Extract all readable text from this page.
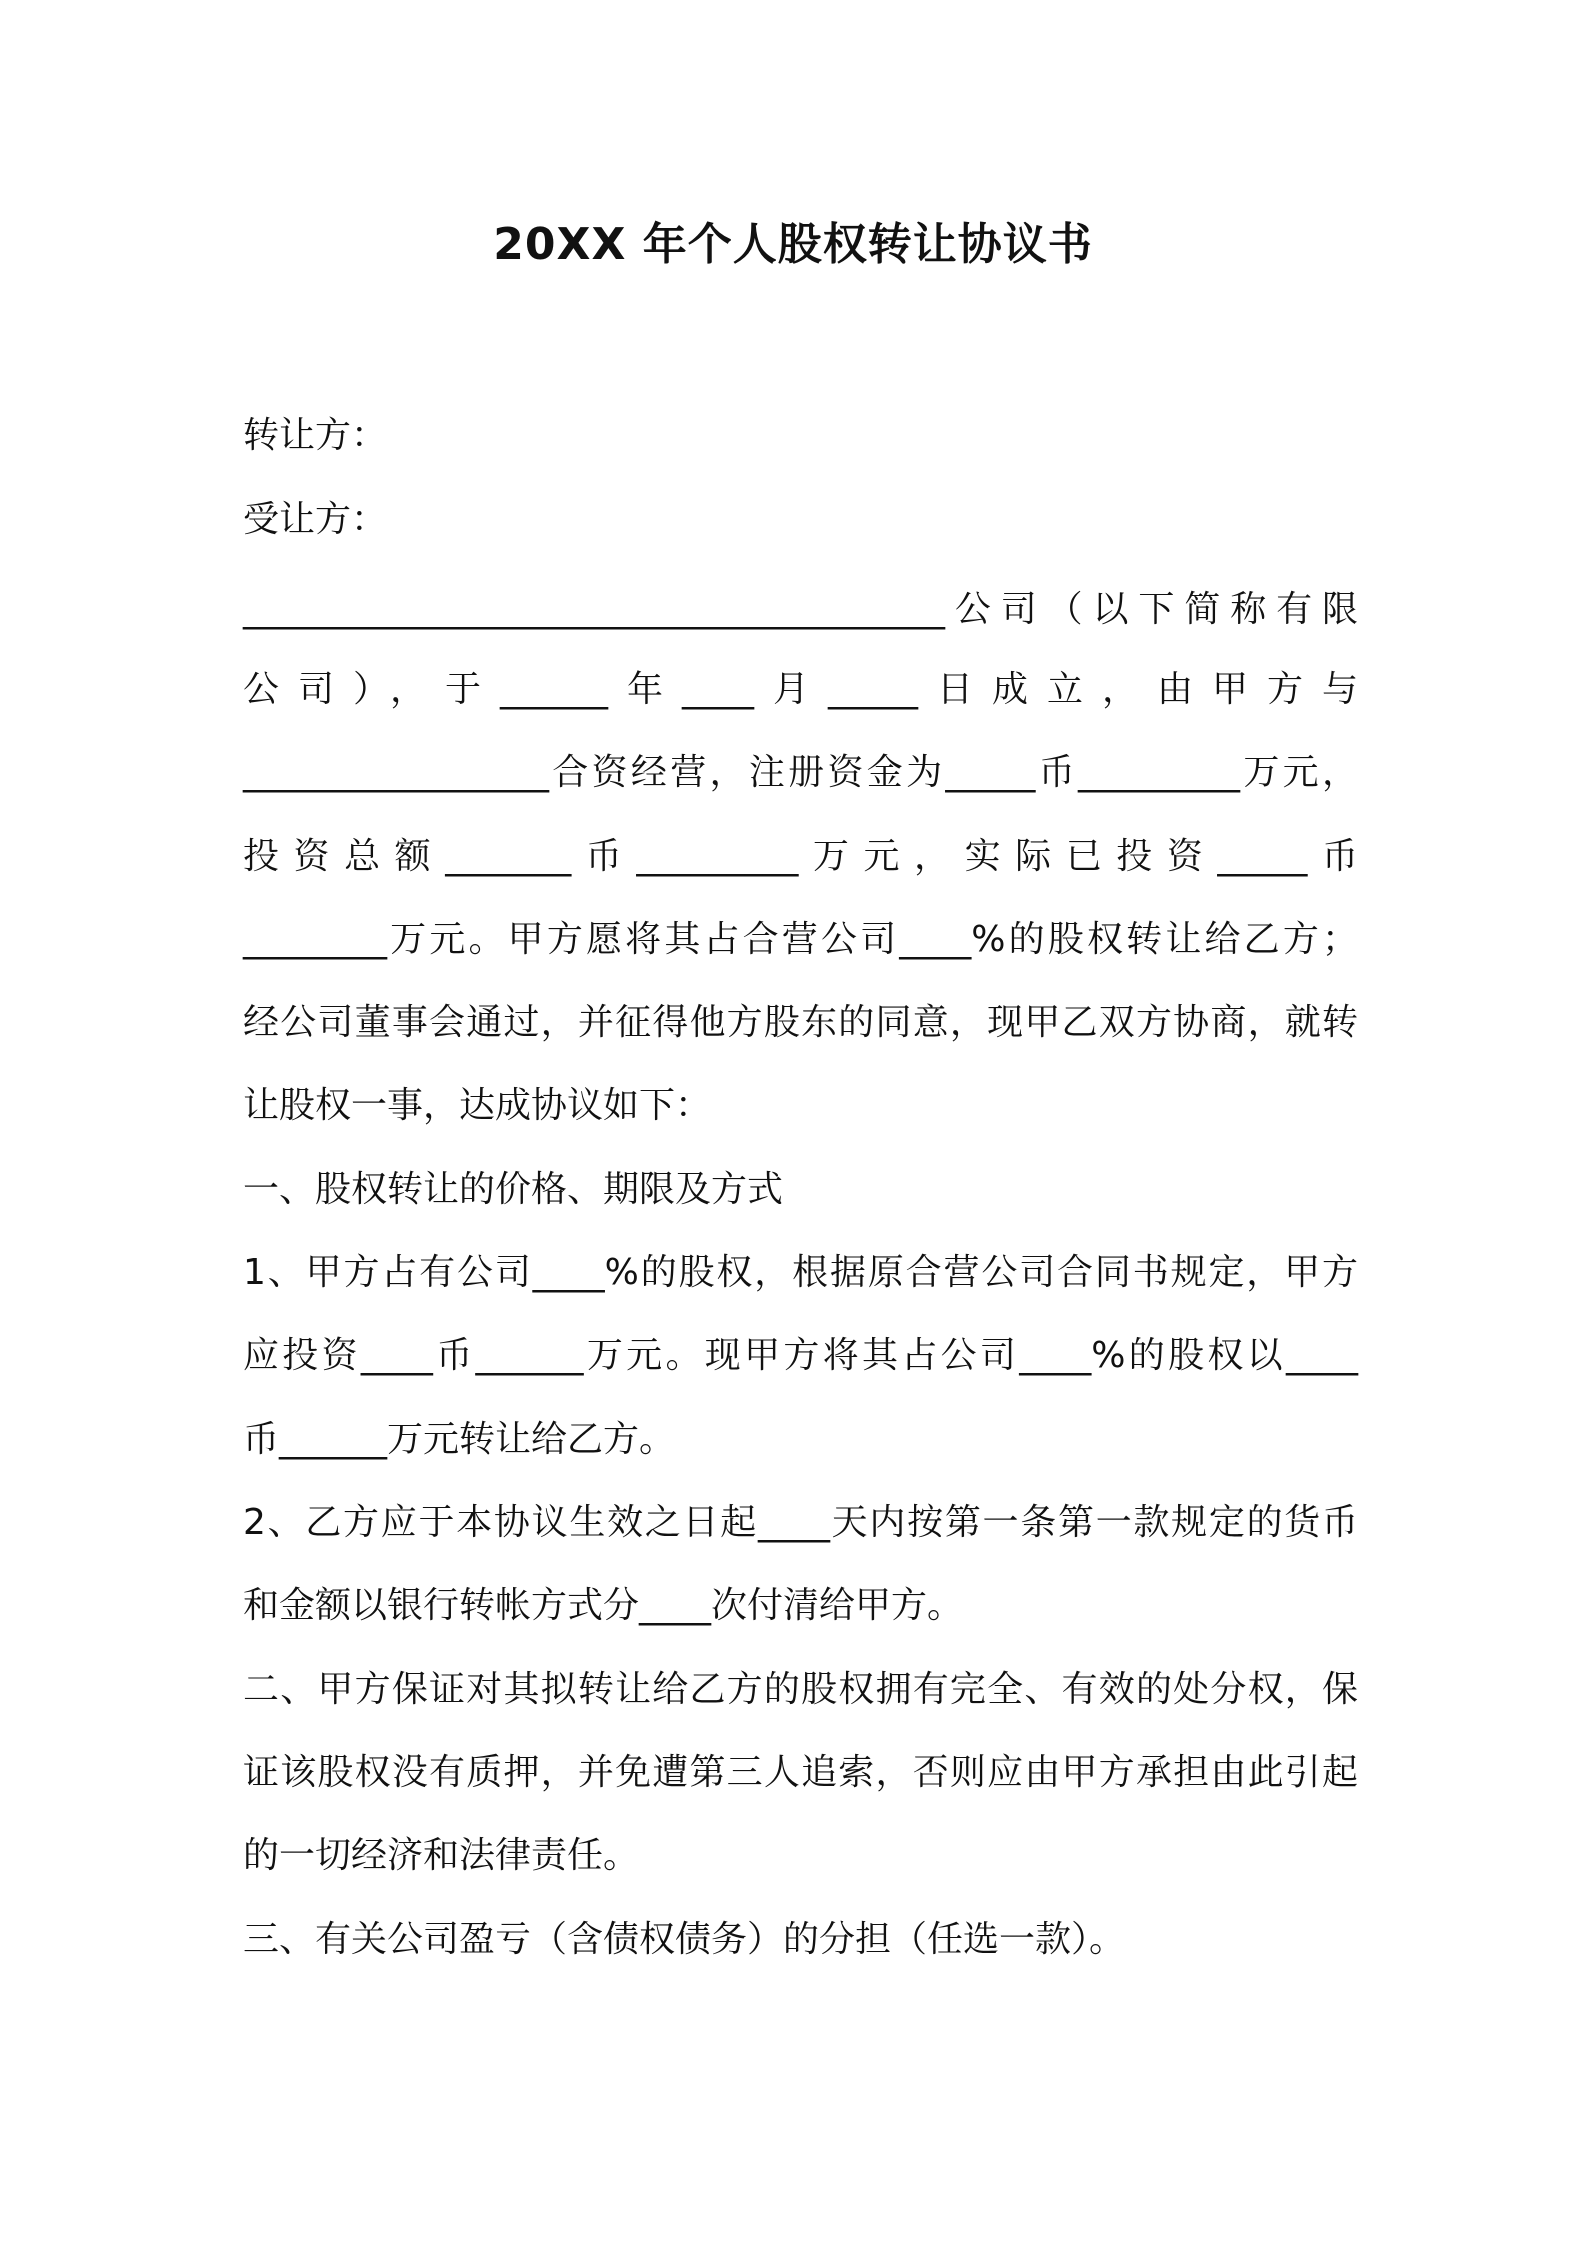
20XX 年个人股权转让协议书
转让方：
受让方：
_______________________________________公司（以下简称有限
公司），于______年____月_____日成立，由甲方与
_________________合资经营，注册资金为_____币_________万元，
投资总额_______币_________万元，实际已投资_____币
________万元。甲方愿将其占合营公司____%的股权转让给乙方；
经公司董事会通过，并征得他方股东的同意，现甲乙双方协商，就转
让股权一事，达成协议如下：
一、股权转让的价格、期限及方式
1、甲方占有公司____%的股权，根据原合营公司合同书规定，甲方
应投资____币______万元。现甲方将其占公司____%的股权以____
币______万元转让给乙方。
2、乙方应于本协议生效之日起____天内按第一条第一款规定的货币
和金额以银行转帐方式分____次付清给甲方。
二、甲方保证对其拟转让给乙方的股权拥有完全、有效的处分权，保
证该股权没有质押，并免遭第三人追索，否则应由甲方承担由此引起
的一切经济和法律责任。
三、有关公司盈亏（含债权债务）的分担（任选一款）。
